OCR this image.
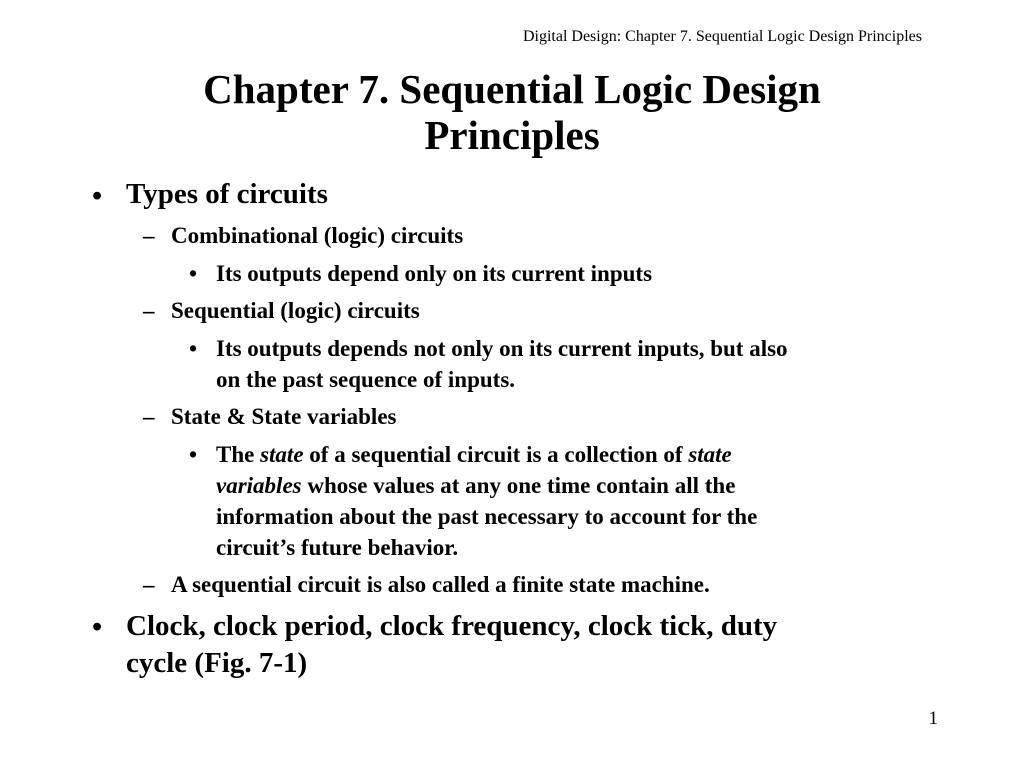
Digital Design: Chapter 7. Sequential Logic Design Principles
Chapter 7. Sequential Logic Design
Principles
• Types of circuits
– Combinational (logic) circuits
• Its outputs depend only on its current inputs
– Sequential (logic) circuits
• Its outputs depends not only on its current inputs, but also
on the past sequence of inputs.
– State & State variables
• The state of a sequential circuit is a collection of state
variables whose values at any one time contain all the
information about the past necessary to account for the
circuit’s future behavior.
– A sequential circuit is also called a finite state machine.
• Clock, clock period, clock frequency, clock tick, duty
cycle (Fig. 7-1)
1
